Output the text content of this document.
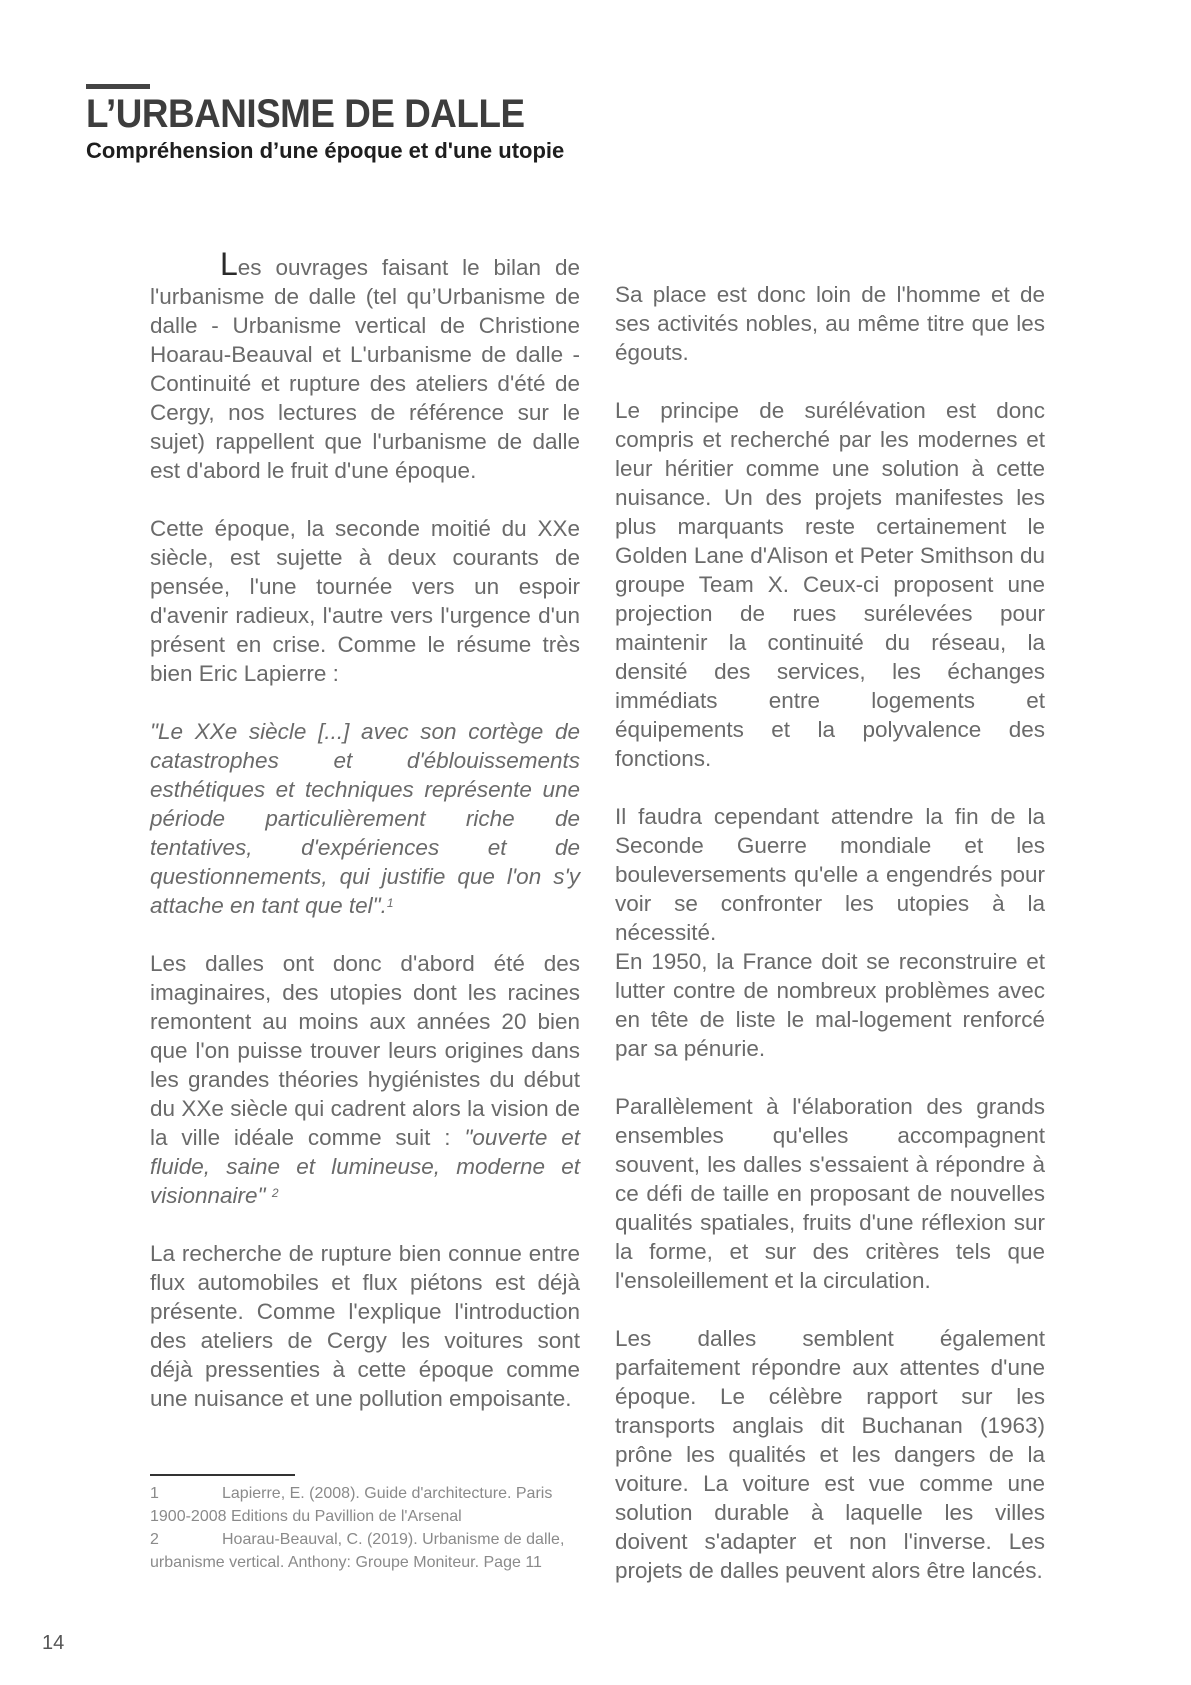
L’URBANISME DE DALLE
Compréhension d’une époque et d'une utopie

Les ouvrages faisant le bilan de l'urbanisme de dalle (tel qu’Urbanisme de dalle - Urbanisme vertical de Christione Hoarau-Beauval et L'urbanisme de dalle - Continuité et rupture des ateliers d'été de Cergy, nos lectures de référence sur le sujet) rappellent que l'urbanisme de dalle est d'abord le fruit d'une époque.

Cette époque, la seconde moitié du XXe siècle, est sujette à deux courants de pensée, l'une tournée vers un espoir d'avenir radieux, l'autre vers l'urgence d'un présent en crise. Comme le résume très bien Eric Lapierre :

"Le XXe siècle [...] avec son cortège de catastrophes et d'éblouissements esthétiques et techniques représente une période particulièrement riche de tentatives, d'expériences et de questionnements, qui justifie que l'on s'y attache en tant que tel".$^1$

Les dalles ont donc d'abord été des imaginaires, des utopies dont les racines remontent au moins aux années 20 bien que l'on puisse trouver leurs origines dans les grandes théories hygiénistes du début du XXe siècle qui cadrent alors la vision de la ville idéale comme suit : "ouverte et fluide, saine et lumineuse, moderne et visionnaire" $^2$

La recherche de rupture bien connue entre flux automobiles et flux piétons est déjà présente. Comme l'explique l'introduction des ateliers de Cergy les voitures sont déjà pressenties à cette époque comme une nuisance et une pollution empoisante.

Sa place est donc loin de l'homme et de ses activités nobles, au même titre que les égouts.

Le principe de surélévation est donc compris et recherché par les modernes et leur héritier comme une solution à cette nuisance. Un des projets manifestes les plus marquants reste certainement le Golden Lane d'Alison et Peter Smithson du groupe Team X. Ceux-ci proposent une projection de rues surélevées pour maintenir la continuité du réseau, la densité des services, les échanges immédiats entre logements et équipements et la polyvalence des fonctions.

Il faudra cependant attendre la fin de la Seconde Guerre mondiale et les bouleversements qu'elle a engendrés pour voir se confronter les utopies à la nécessité.

En 1950, la France doit se reconstruire et lutter contre de nombreux problèmes avec en tête de liste le mal-logement renforcé par sa pénurie.

Parallèlement à l'élaboration des grands ensembles qu'elles accompagnent souvent, les dalles s'essaient à répondre à ce défi de taille en proposant de nouvelles qualités spatiales, fruits d'une réflexion sur la forme, et sur des critères tels que l'ensoleillement et la circulation.

Les dalles semblent également parfaitement répondre aux attentes d'une époque. Le célèbre rapport sur les transports anglais dit Buchanan (1963) prône les qualités et les dangers de la voiture. La voiture est vue comme une solution durable à laquelle les villes doivent s'adapter et non l'inverse. Les projets de dalles peuvent alors être lancés.

1	Lapierre, E. (2008). Guide d'architecture. Paris 1900-2008 Editions du Pavillion de l'Arsenal

2	Hoarau-Beauval, C. (2019). Urbanisme de dalle, urbanisme vertical. Anthony: Groupe Moniteur. Page 11

14
